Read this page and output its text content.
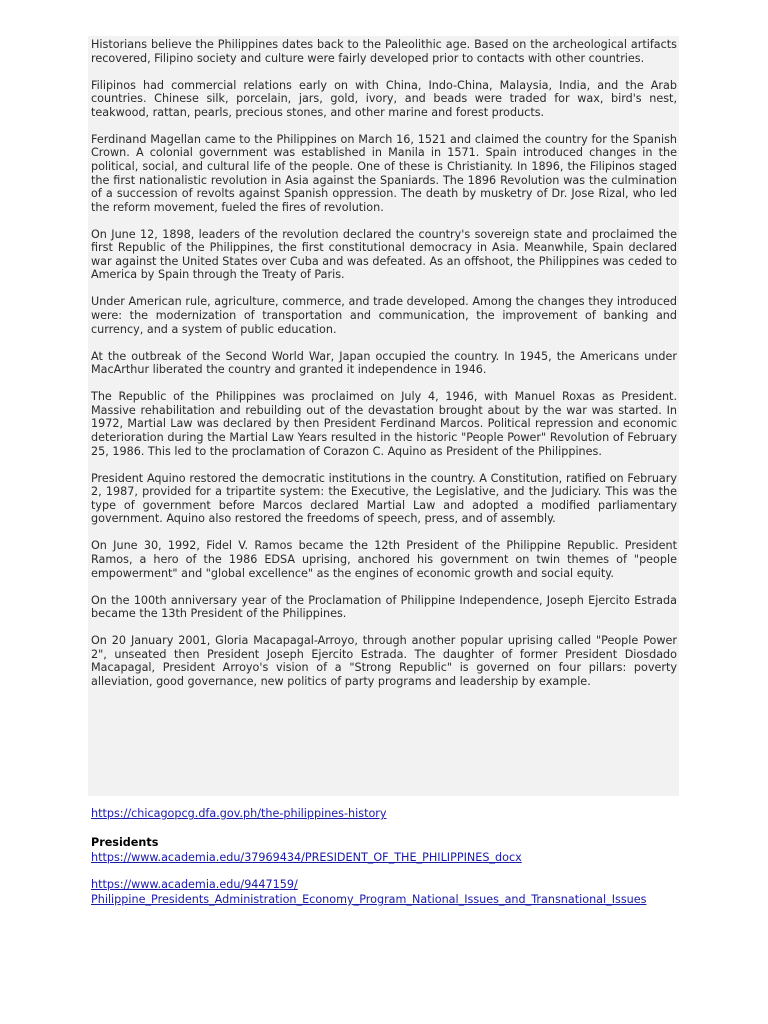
Historians believe the Philippines dates back to the Paleolithic age. Based on the archeological artifacts recovered, Filipino society and culture were fairly developed prior to contacts with other countries.

Filipinos had commercial relations early on with China, Indo-China, Malaysia, India, and the Arab countries. Chinese silk, porcelain, jars, gold, ivory, and beads were traded for wax, bird's nest, teakwood, rattan, pearls, precious stones, and other marine and forest products.

Ferdinand Magellan came to the Philippines on March 16, 1521 and claimed the country for the Spanish Crown. A colonial government was established in Manila in 1571. Spain introduced changes in the political, social, and cultural life of the people. One of these is Christianity. In 1896, the Filipinos staged the first nationalistic revolution in Asia against the Spaniards. The 1896 Revolution was the culmination of a succession of revolts against Spanish oppression. The death by musketry of Dr. Jose Rizal, who led the reform movement, fueled the fires of revolution.

On June 12, 1898, leaders of the revolution declared the country's sovereign state and proclaimed the first Republic of the Philippines, the first constitutional democracy in Asia. Meanwhile, Spain declared war against the United States over Cuba and was defeated. As an offshoot, the Philippines was ceded to America by Spain through the Treaty of Paris.

Under American rule, agriculture, commerce, and trade developed. Among the changes they introduced were: the modernization of transportation and communication, the improvement of banking and currency, and a system of public education.

At the outbreak of the Second World War, Japan occupied the country. In 1945, the Americans under MacArthur liberated the country and granted it independence in 1946.

The Republic of the Philippines was proclaimed on July 4, 1946, with Manuel Roxas as President. Massive rehabilitation and rebuilding out of the devastation brought about by the war was started. In 1972, Martial Law was declared by then President Ferdinand Marcos. Political repression and economic deterioration during the Martial Law Years resulted in the historic "People Power" Revolution of February 25, 1986. This led to the proclamation of Corazon C. Aquino as President of the Philippines.

President Aquino restored the democratic institutions in the country. A Constitution, ratified on February 2, 1987, provided for a tripartite system: the Executive, the Legislative, and the Judiciary. This was the type of government before Marcos declared Martial Law and adopted a modified parliamentary government. Aquino also restored the freedoms of speech, press, and of assembly.

On June 30, 1992, Fidel V. Ramos became the 12th President of the Philippine Republic. President Ramos, a hero of the 1986 EDSA uprising, anchored his government on twin themes of "people empowerment" and "global excellence" as the engines of economic growth and social equity.

On the 100th anniversary year of the Proclamation of Philippine Independence, Joseph Ejercito Estrada became the 13th President of the Philippines.

On 20 January 2001, Gloria Macapagal-Arroyo, through another popular uprising called "People Power 2", unseated then President Joseph Ejercito Estrada. The daughter of former President Diosdado Macapagal, President Arroyo's vision of a "Strong Republic" is governed on four pillars: poverty alleviation, good governance, new politics of party programs and leadership by example.

https://chicagopcg.dfa.gov.ph/the-philippines-history
Presidents
https://www.academia.edu/37969434/PRESIDENT_OF_THE_PHILIPPINES_docx
https://www.academia.edu/9447159/
Philippine_Presidents_Administration_Economy_Program_National_Issues_and_Transnational_Issues
